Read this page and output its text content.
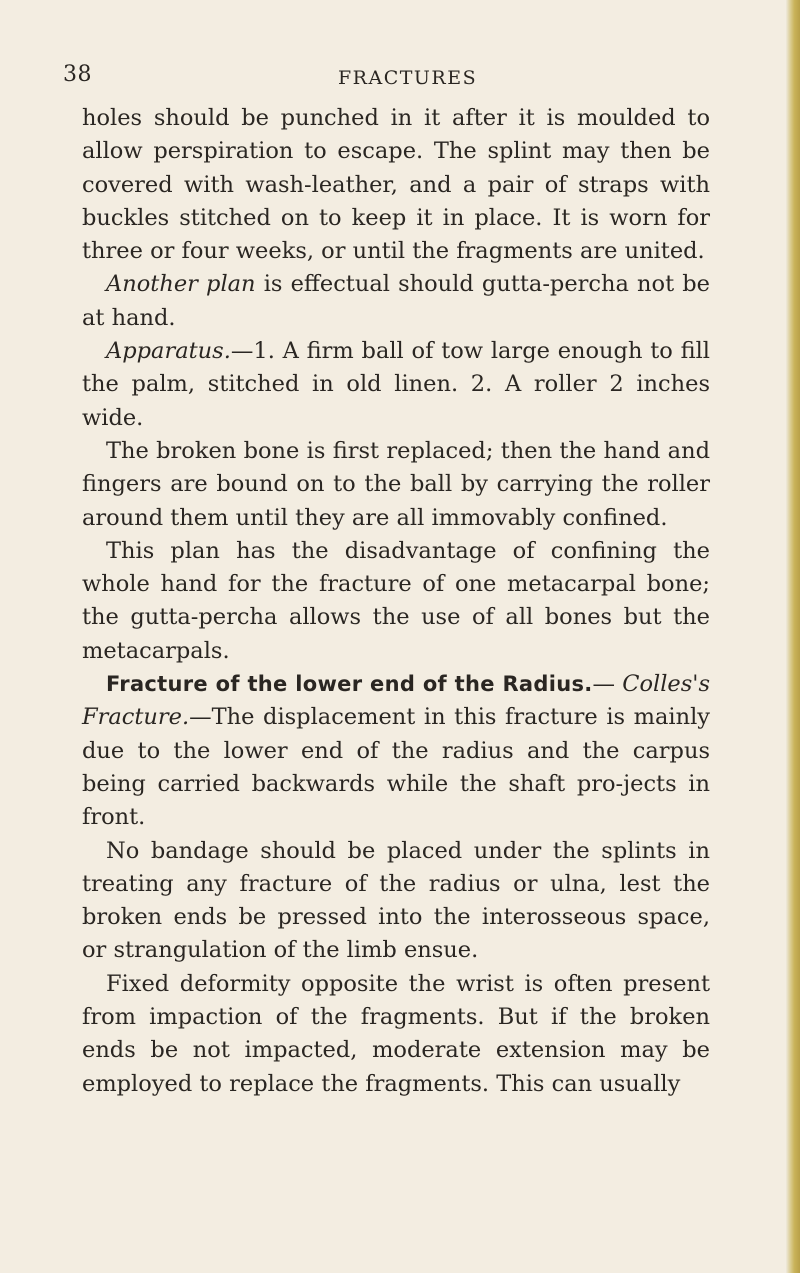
38	FRACTURES

holes should be punched in it after it is moulded to allow perspiration to escape. The splint may then be covered with wash-leather, and a pair of straps with buckles stitched on to keep it in place. It is worn for three or four weeks, or until the fragments are united.

Another plan is effectual should gutta-percha not be at hand.

Apparatus.—1. A firm ball of tow large enough to fill the palm, stitched in old linen. 2. A roller 2 inches wide.

The broken bone is first replaced; then the hand and fingers are bound on to the ball by carrying the roller around them until they are all immovably confined.

This plan has the disadvantage of confining the whole hand for the fracture of one metacarpal bone; the gutta-percha allows the use of all bones but the metacarpals.

Fracture of the lower end of the Radius.— Colles's Fracture.—The displacement in this fracture is mainly due to the lower end of the radius and the carpus being carried backwards while the shaft pro-jects in front.

No bandage should be placed under the splints in treating any fracture of the radius or ulna, lest the broken ends be pressed into the interosseous space, or strangulation of the limb ensue.

Fixed deformity opposite the wrist is often present from impaction of the fragments. But if the broken ends be not impacted, moderate extension may be employed to replace the fragments. This can usually
